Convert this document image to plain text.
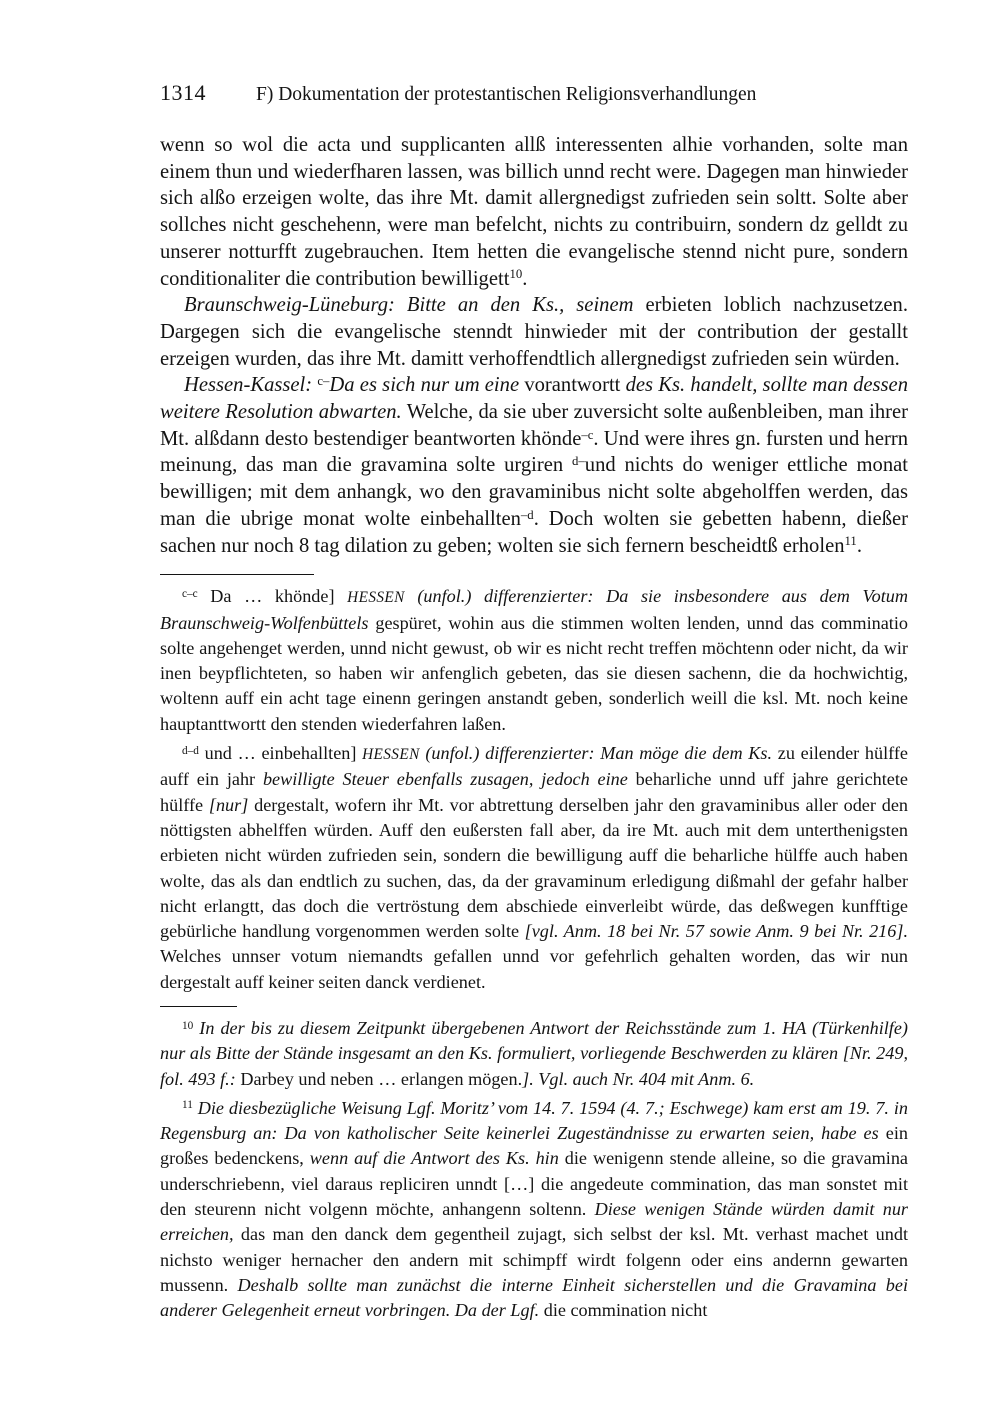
1314	F) Dokumentation der protestantischen Religionsverhandlungen

wenn so wol die acta und supplicanten allß interessenten alhie vorhanden, solte man einem thun und wiederfharen lassen, was billich unnd recht were. Dagegen man hinwieder sich alßo erzeigen wolte, das ihre Mt. damit allergnedigst zufrieden sein soltt. Solte aber sollches nicht geschehenn, were man befelcht, nichts zu contribuirn, sondern dz gelldt zu unserer notturfft zugebrauchen. Item hetten die evangelische stennd nicht pure, sondern conditionaliter die contribution bewilligett$^{10}$.

Braunschweig-Lüneburg: Bitte an den Ks., seinem erbieten loblich nachzusetzen. Dargegen sich die evangelische stenndt hinwieder mit der contribution der gestallt erzeigen wurden, das ihre Mt. damitt verhoffendtlich allergnedigst zufrieden sein würden.

Hessen-Kassel: $^{c-}$Da es sich nur um eine vorantwortt des Ks. handelt, sollte man dessen weitere Resolution abwarten. Welche, da sie uber zuversicht solte außenbleiben, man ihrer Mt. alßdann desto bestendiger beantworten khönde$^{-c}$. Und were ihres gn. fursten und herrn meinung, das man die gravamina solte urgiren $^{d-}$und nichts do weniger ettliche monat bewilligen; mit dem anhangk, wo den gravaminibus nicht solte abgeholffen werden, das man die ubrige monat wolte einbehallten$^{-d}$. Doch wolten sie gebetten habenn, dießer sachen nur noch 8 tag dilation zu geben; wolten sie sich fernern bescheidtß erholen$^{11}$.

$^{c-c}$ Da … khönde] HESSEN (unfol.) differenzierter: Da sie insbesondere aus dem Votum Braunschweig-Wolfenbüttels gespüret, wohin aus die stimmen wolten lenden, unnd das comminatio solte angehenget werden, unnd nicht gewust, ob wir es nicht recht treffen möchtenn oder nicht, da wir inen beypflichteten, so haben wir anfenglich gebeten, das sie diesen sachenn, die da hochwichtig, woltenn auff ein acht tage einenn geringen anstandt geben, sonderlich weill die ksl. Mt. noch keine hauptanttwortt den stenden wiederfahren laßen.

$^{d-d}$ und … einbehallten] HESSEN (unfol.) differenzierter: Man möge die dem Ks. zu eilender hülffe auff ein jahr bewilligte Steuer ebenfalls zusagen, jedoch eine beharliche unnd uff jahre gerichtete hülffe [nur] dergestalt, wofern ihr Mt. vor abtrettung derselben jahr den gravaminibus aller oder den nöttigsten abhelffen würden. Auff den eußersten fall aber, da ire Mt. auch mit dem unterthenigsten erbieten nicht würden zufrieden sein, sondern die bewilligung auff die beharliche hülffe auch haben wolte, das als dan endtlich zu suchen, das, da der gravaminum erledigung dißmahl der gefahr halber nicht erlangtt, das doch die vertröstung dem abschiede einverleibt würde, das deßwegen kunfftige gebürliche handlung vorgenommen werden solte [vgl. Anm. 18 bei Nr. 57 sowie Anm. 9 bei Nr. 216]. Welches unnser votum niemandts gefallen unnd vor gefehrlich gehalten worden, das wir nun dergestalt auff keiner seiten danck verdienet.

$^{10}$ In der bis zu diesem Zeitpunkt übergebenen Antwort der Reichsstände zum 1. HA (Türkenhilfe) nur als Bitte der Stände insgesamt an den Ks. formuliert, vorliegende Beschwerden zu klären [Nr. 249, fol. 493 f.: Darbey und neben … erlangen mögen.]. Vgl. auch Nr. 404 mit Anm. 6.

$^{11}$ Die diesbezügliche Weisung Lgf. Moritz’ vom 14. 7. 1594 (4. 7.; Eschwege) kam erst am 19. 7. in Regensburg an: Da von katholischer Seite keinerlei Zugeständnisse zu erwarten seien, habe es ein großes bedenckens, wenn auf die Antwort des Ks. hin die wenigenn stende alleine, so die gravamina underschriebenn, viel daraus repliciren unndt […] die angedeute commination, das man sonstet mit den steurenn nicht volgenn möchte, anhangenn soltenn. Diese wenigen Stände würden damit nur erreichen, das man den danck dem gegentheil zujagt, sich selbst der ksl. Mt. verhast machet undt nichsto weniger hernacher den andern mit schimpff wirdt folgenn oder eins andernn gewarten mussenn. Deshalb sollte man zunächst die interne Einheit sicherstellen und die Gravamina bei anderer Gelegenheit erneut vorbringen. Da der Lgf. die commination nicht
